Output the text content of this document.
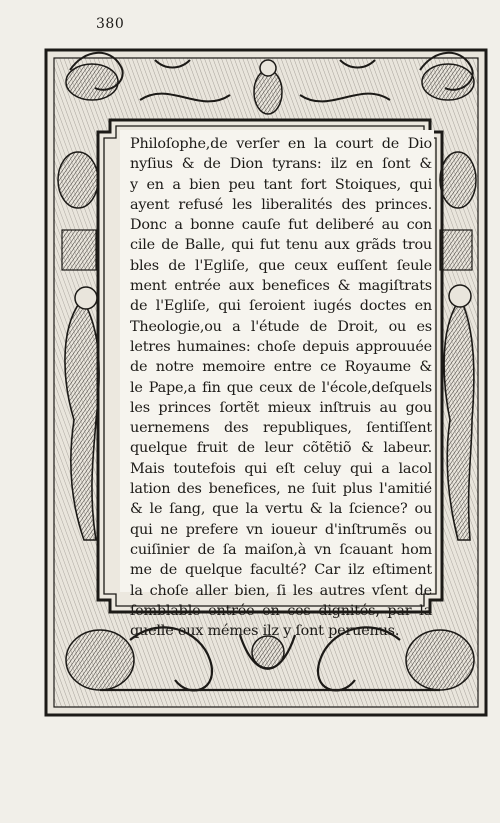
380
Philoſophe,de verſer en la court de Dio
nyſius & de Dion tyrans: ilz en ſont &
y en a bien peu tant fort Stoiques, qui
ayent refusé les liberalités des princes.
Donc a bonne cauſe fut deliberé au con
cile de Balle, qui fut tenu aux grãds trou
bles de l'Egliſe, que ceux euſſent ſeule
ment entrée aux benefices & magiſtrats
de l'Egliſe, qui ſeroient iugés doctes en
Theologie,ou a l'étude de Droit, ou es
letres humaines: choſe depuis approuuée
de notre memoire entre ce Royaume &
le Pape,a fin que ceux de l'école,deſquels
les princes ſortẽt mieux inſtruis au gou
uernemens des republiques, ſentiſſent
quelque fruit de leur cõtẽtiõ & labeur.
Mais toutefois qui eſt celuy qui a lacol
lation des benefices, ne ſuit plus l'amitié
& le ſang, que la vertu & la ſcience? ou
qui ne prefere vn ioueur d'inſtrumẽs ou
cuiſinier de ſa maiſon,à vn ſcauant hom
me de quelque faculté? Car ilz eſtiment
la choſe aller bien, ſi les autres vſent de
ſemblable entrée en ces dignités, par la
quelle eux mémes ilz y ſont peruenus.
